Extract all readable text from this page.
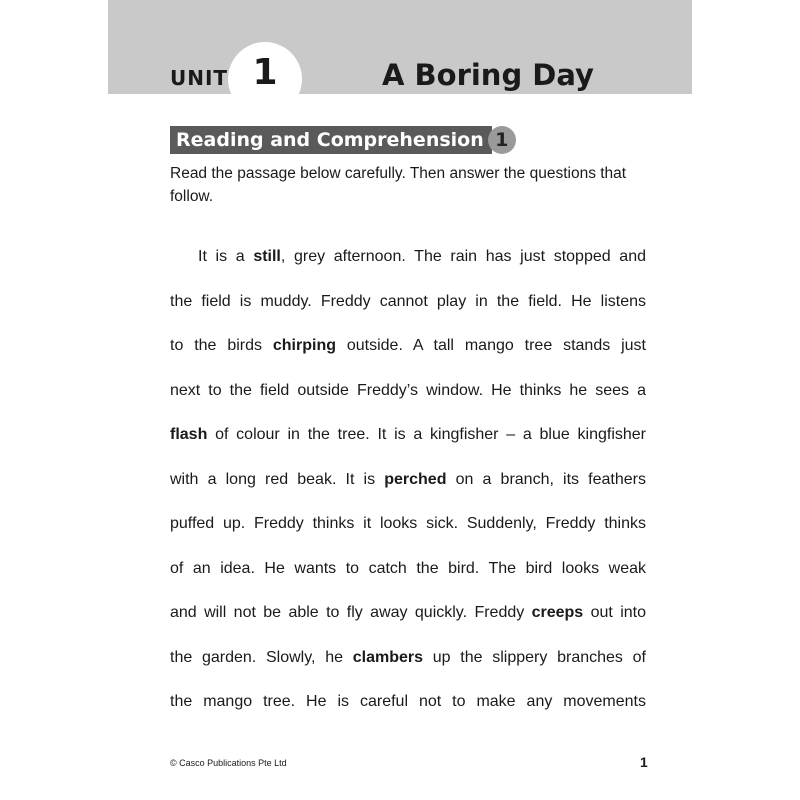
UNIT 1	A Boring Day
Reading and Comprehension 1
Read the passage below carefully. Then answer the questions that follow.
It is a still, grey afternoon. The rain has just stopped and
the field is muddy. Freddy cannot play in the field. He listens
to the birds chirping outside. A tall mango tree stands just
next to the field outside Freddy’s window. He thinks he sees a
flash of colour in the tree. It is a kingfisher – a blue kingfisher
with a long red beak. It is perched on a branch, its feathers
puffed up. Freddy thinks it looks sick. Suddenly, Freddy thinks
of an idea. He wants to catch the bird. The bird looks weak
and will not be able to fly away quickly. Freddy creeps out into
the garden. Slowly, he clambers up the slippery branches of
the mango tree. He is careful not to make any movements
© Casco Publications Pte Ltd	1
